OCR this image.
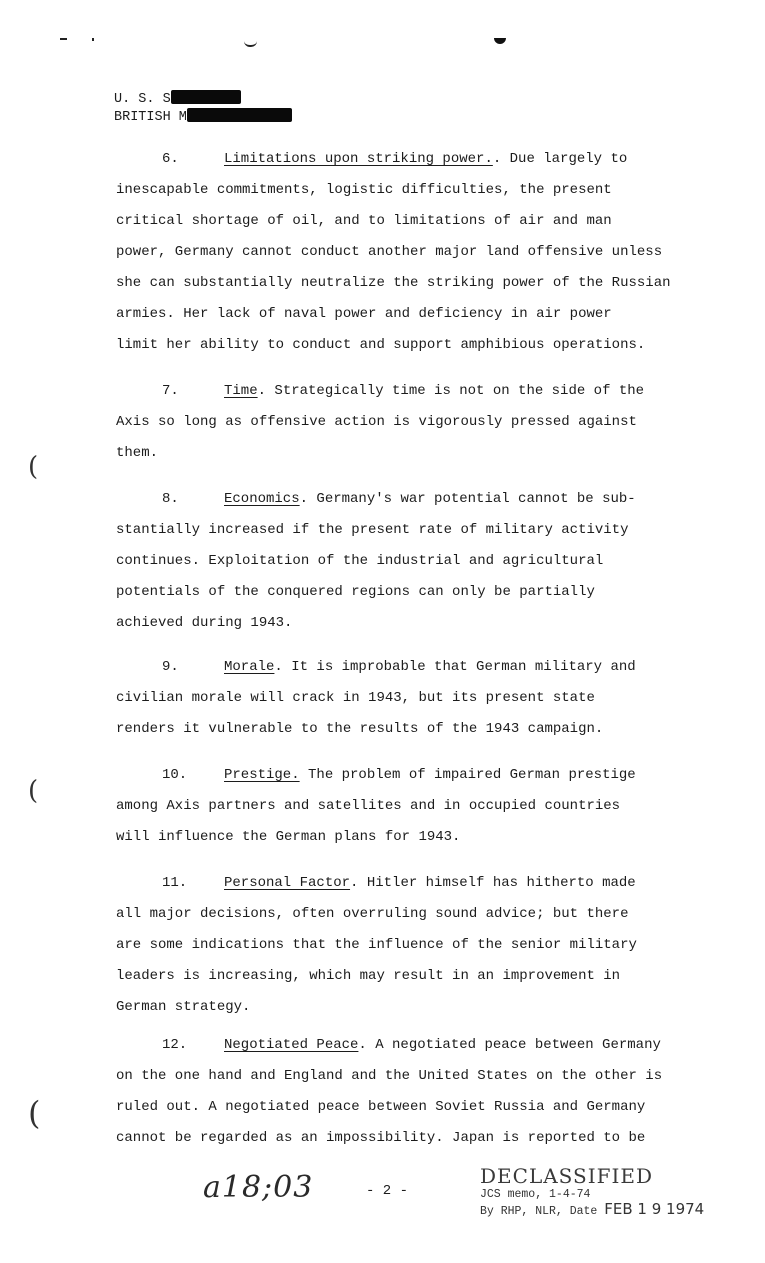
U. S. S
BRITISH M

6.	Limitations upon striking power.. Due largely to

inescapable commitments, logistic difficulties, the present

critical shortage of oil, and to limitations of air and man

power, Germany cannot conduct another major land offensive unless

she can substantially neutralize the striking power of the Russian

armies. Her lack of naval power and deficiency in air power

limit her ability to conduct and support amphibious operations.

7.	Time. Strategically time is not on the side of the

Axis so long as offensive action is vigorously pressed against

them.

8.	Economics. Germany's war potential cannot be sub-

stantially increased if the present rate of military activity

continues. Exploitation of the industrial and agricultural

potentials of the conquered regions can only be partially

achieved during 1943.

9.	Morale. It is improbable that German military and

civilian morale will crack in 1943, but its present state

renders it vulnerable to the results of the 1943 campaign.

10.	Prestige. The problem of impaired German prestige

among Axis partners and satellites and in occupied countries

will influence the German plans for 1943.

11.	Personal Factor. Hitler himself has hitherto made

all major decisions, often overruling sound advice; but there

are some indications that the influence of the senior military

leaders is increasing, which may result in an improvement in

German strategy.

12.	Negotiated Peace. A negotiated peace between Germany

on the one hand and England and the United States on the other is

ruled out. A negotiated peace between Soviet Russia and Germany

cannot be regarded as an impossibility. Japan is reported to be

(
(
(
a18;03	- 2 -
DECLASSIFIED
JCS memo, 1-4-74
By RHP, NLR, Date FEB 1 9 1974
